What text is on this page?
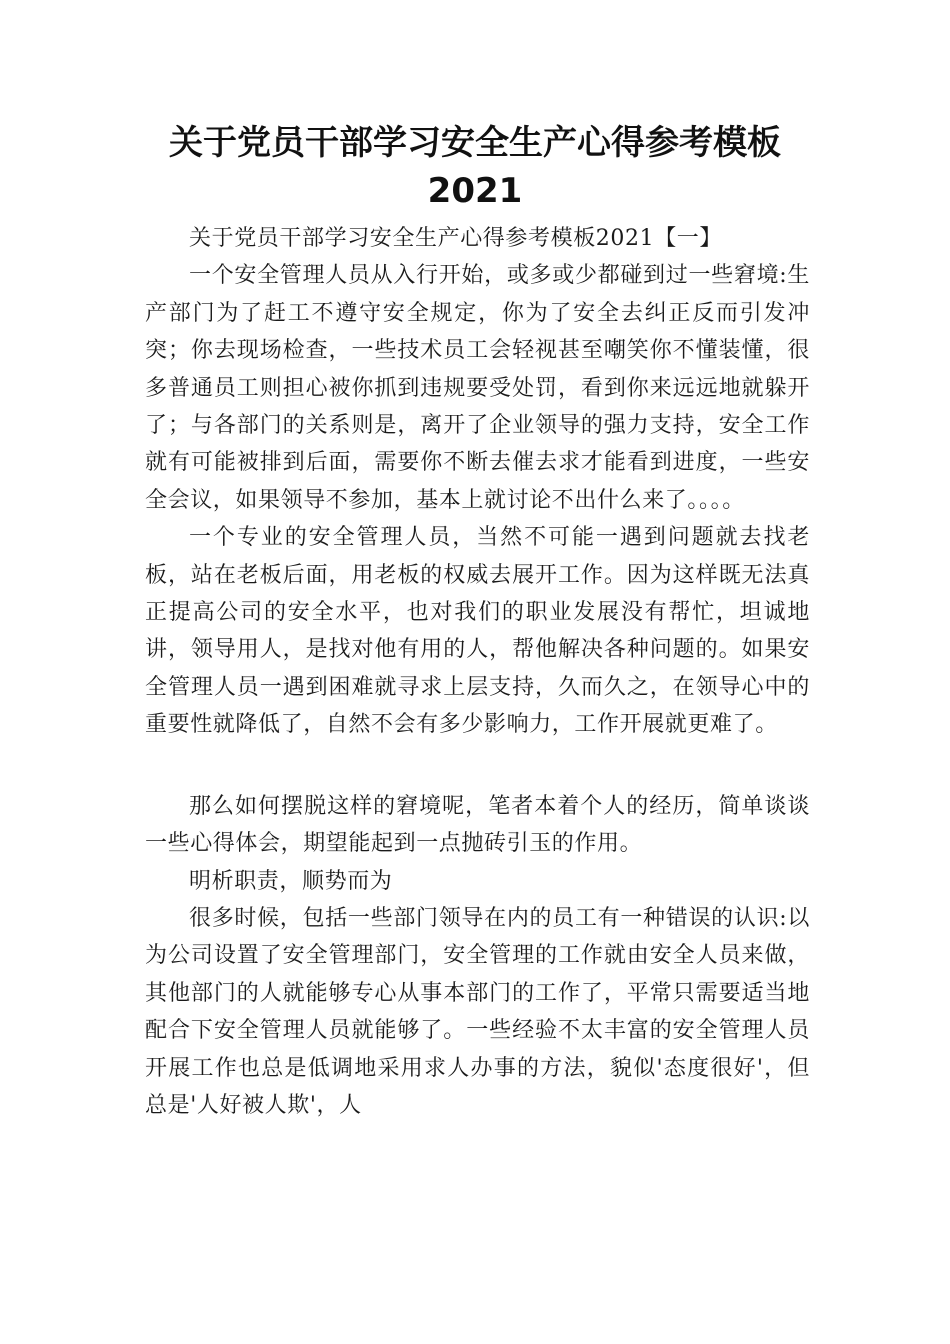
关于党员干部学习安全生产心得参考模板
2021

关于党员干部学习安全生产心得参考模板2021【一】

一个安全管理人员从入行开始，或多或少都碰到过一些窘境:生产部门为了赶工不遵守安全规定，你为了安全去纠正反而引发冲突；你去现场检查，一些技术员工会轻视甚至嘲笑你不懂装懂，很多普通员工则担心被你抓到违规要受处罚，看到你来远远地就躲开了；与各部门的关系则是，离开了企业领导的强力支持，安全工作就有可能被排到后面，需要你不断去催去求才能看到进度，一些安全会议，如果领导不参加，基本上就讨论不出什么来了。。。。

一个专业的安全管理人员，当然不可能一遇到问题就去找老板，站在老板后面，用老板的权威去展开工作。因为这样既无法真正提高公司的安全水平，也对我们的职业发展没有帮忙，坦诚地讲，领导用人，是找对他有用的人，帮他解决各种问题的。如果安全管理人员一遇到困难就寻求上层支持，久而久之，在领导心中的重要性就降低了，自然不会有多少影响力，工作开展就更难了。

那么如何摆脱这样的窘境呢，笔者本着个人的经历，简单谈谈一些心得体会，期望能起到一点抛砖引玉的作用。

明析职责，顺势而为

很多时候，包括一些部门领导在内的员工有一种错误的认识:以为公司设置了安全管理部门，安全管理的工作就由安全人员来做，其他部门的人就能够专心从事本部门的工作了，平常只需要适当地配合下安全管理人员就能够了。一些经验不太丰富的安全管理人员开展工作也总是低调地采用求人办事的方法，貌似'态度很好'，但总是'人好被人欺'，人
